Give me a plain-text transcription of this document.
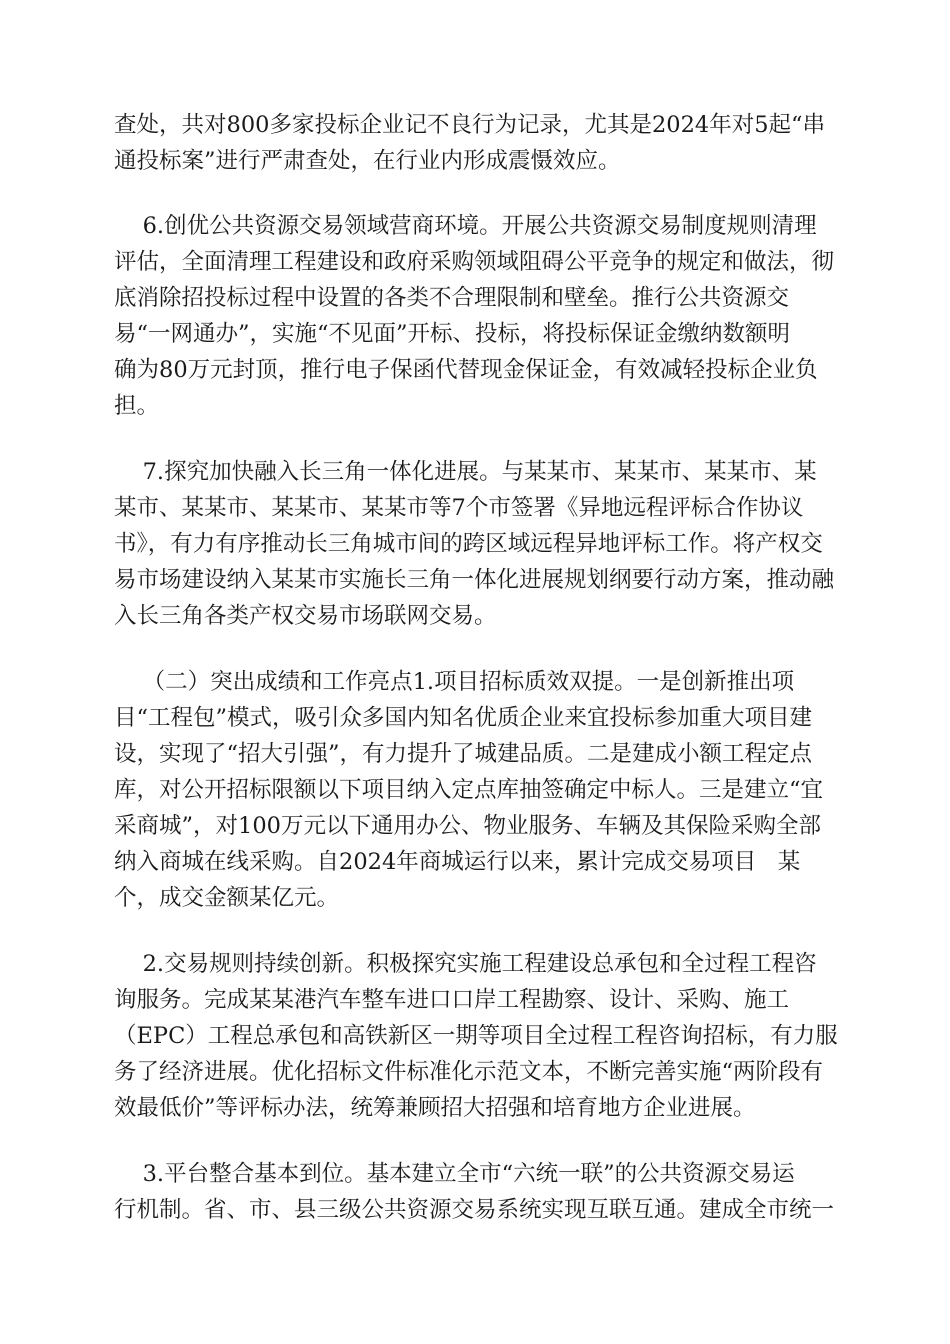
查处，共对800多家投标企业记不良行为记录，尤其是2024年对5起“串
通投标案”进行严肃查处，在行业内形成震慑效应。
6.创优公共资源交易领域营商环境。开展公共资源交易制度规则清理
评估，全面清理工程建设和政府采购领域阻碍公平竞争的规定和做法，彻
底消除招投标过程中设置的各类不合理限制和壁垒。推行公共资源交
易“一网通办”，实施“不见面”开标、投标，将投标保证金缴纳数额明
确为80万元封顶，推行电子保函代替现金保证金，有效减轻投标企业负
担。
7.探究加快融入长三角一体化进展。与某某市、某某市、某某市、某
某市、某某市、某某市、某某市等7个市签署《异地远程评标合作协议
书》，有力有序推动长三角城市间的跨区域远程异地评标工作。将产权交
易市场建设纳入某某市实施长三角一体化进展规划纲要行动方案，推动融
入长三角各类产权交易市场联网交易。
（二）突出成绩和工作亮点1.项目招标质效双提。一是创新推出项
目“工程包”模式，吸引众多国内知名优质企业来宜投标参加重大项目建
设，实现了“招大引强”，有力提升了城建品质。二是建成小额工程定点
库，对公开招标限额以下项目纳入定点库抽签确定中标人。三是建立“宜
采商城”，对100万元以下通用办公、物业服务、车辆及其保险采购全部
纳入商城在线采购。自2024年商城运行以来，累计完成交易项目   某
个，成交金额某亿元。
2.交易规则持续创新。积极探究实施工程建设总承包和全过程工程咨
询服务。完成某某港汽车整车进口口岸工程勘察、设计、采购、施工
（EPC）工程总承包和高铁新区一期等项目全过程工程咨询招标，有力服
务了经济进展。优化招标文件标准化示范文本，不断完善实施“两阶段有
效最低价”等评标办法，统筹兼顾招大招强和培育地方企业进展。
3.平台整合基本到位。基本建立全市“六统一联”的公共资源交易运
行机制。省、市、县三级公共资源交易系统实现互联互通。建成全市统一
